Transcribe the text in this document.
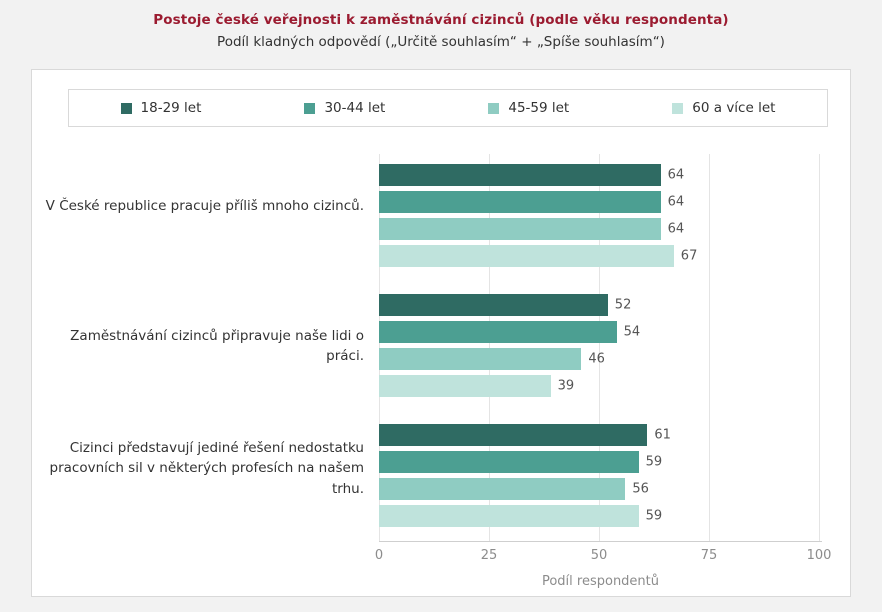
Postoje české veřejnosti k zaměstnávání cizinců (podle věku respondenta)
Podíl kladných odpovědí („Určitě souhlasím“ + „Spíše souhlasím“)
18-29 let	30-44 let	45-59 let	60 a více let
V České republice pracuje příliš mnoho cizinců.
Zaměstnávání cizinců připravuje naše lidi o práci.
Cizinci představují jediné řešení nedostatku pracovních sil v některých profesích na našem trhu.
64
64
64
67
52
54
46
39
61
59
56
59
0	25	50	75	100
Podíl respondentů
